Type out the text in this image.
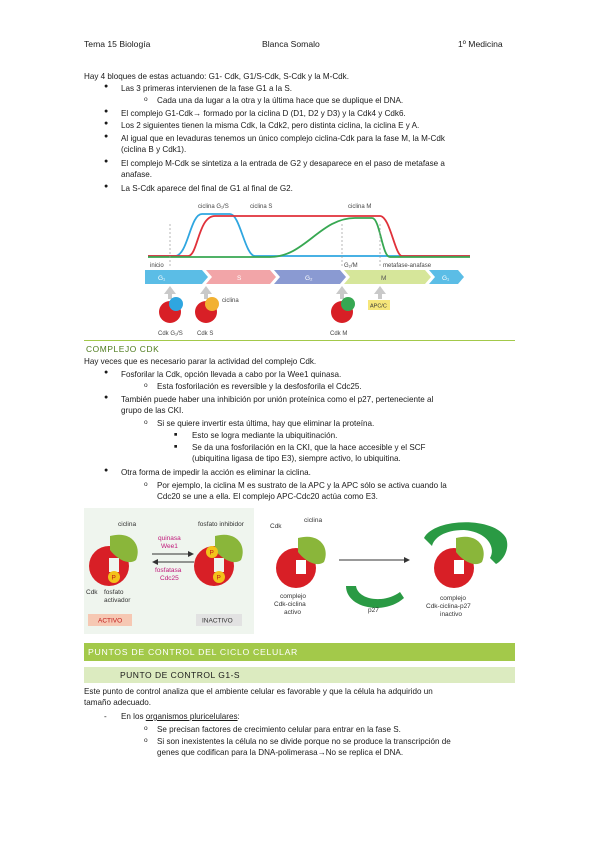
Tema 15 Biología	Blanca Somalo	1º Medicina
Hay 4 bloques de estas actuando: G1- Cdk, G1/S-Cdk, S-Cdk y la M-Cdk.
● Las 3 primeras intervienen de la fase G1 a la S.
o Cada una da lugar a la otra y la última hace que se duplique el DNA.
● El complejo G1-Cdk→ formado por la ciclina D (D1, D2 y D3) y la Cdk4 y Cdk6.
● Los 2 siguientes tienen la misma Cdk, la Cdk2, pero distinta ciclina, la ciclina E y A.
● Al igual que en levaduras tenemos un único complejo ciclina-Cdk para la fase M, la M-Cdk
(ciclina B y Cdk1).
● El complejo M-Cdk se sintetiza a la entrada de G2 y desaparece en el paso de metafase a
anafase.
● La S-Cdk aparece del final de G1 al final de G2.
ciclina G₁/S	ciclina S	ciclina M
inicio	G₂/M	metafase-anafase
G₁	S	G₂	M	G₁
ciclina
APC/C
Cdk G₁/S Cdk S	Cdk M
COMPLEJO CDK
Hay veces que es necesario parar la actividad del complejo Cdk.
● Fosforilar la Cdk, opción llevada a cabo por la Wee1 quinasa.
o Esta fosforilación es reversible y la desfosforila el Cdc25.
● También puede haber una inhibición por unión proteínica como el p27, perteneciente al
grupo de las CKI.
o Si se quiere invertir esta última, hay que eliminar la proteína.
■ Esto se logra mediante la ubiquitinación.
■ Se da una fosforilación en la CKI, que la hace accesible y el SCF
(ubiquitina ligasa de tipo E3), siempre activo, lo ubiquitina.
● Otra forma de impedir la acción es eliminar la ciclina.
o Por ejemplo, la ciclina M es sustrato de la APC y la APC sólo se activa cuando la
Cdc20 se une a ella. El complejo APC-Cdc20 actúa como E3.
P
ciclina
Cdk fosfato
activador
ACTIVO
quinasa
Wee1
fosfatasa
Cdc25	P
P
fosfato inhibidor
INACTIVO
Cdk
ciclina
complejo
Cdk-ciclina
activo	p27
complejo
Cdk-ciclina-p27
inactivo
PUNTOS DE CONTROL DEL CICLO CELULAR
PUNTO DE CONTROL G1-S
Este punto de control analiza que el ambiente celular es favorable y que la célula ha adquirido un
tamaño adecuado.
- En los organismos pluricelulares:
o Se precisan factores de crecimiento celular para entrar en la fase S.
o Si son inexistentes la célula no se divide porque no se produce la transcripción de
genes que codifican para la DNA-polimerasa→No se replica el DNA.
